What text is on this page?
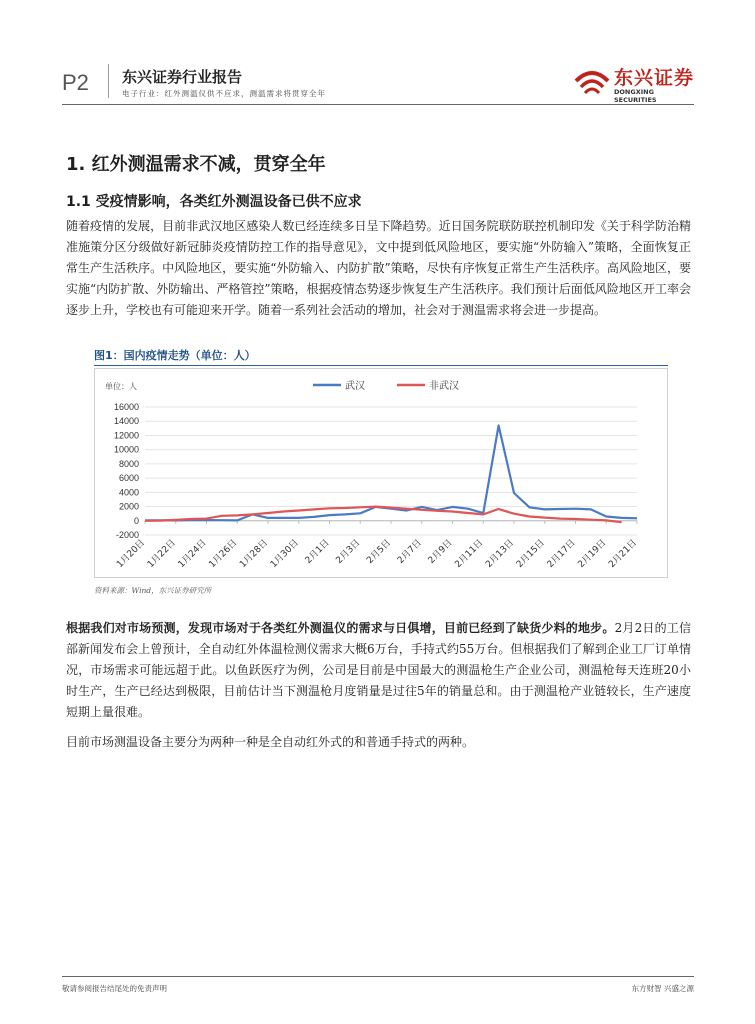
P2 东兴证券行业报告
电子行业：红外测温仪供不应求，测温需求将贯穿全年
东兴证券
DONGXING SECURITIES
1. 红外测温需求不减，贯穿全年
1.1 受疫情影响，各类红外测温设备已供不应求
随着疫情的发展，目前非武汉地区感染人数已经连续多日呈下降趋势。近日国务院联防联控机制印发《关于科学防治精准施策分区分级做好新冠肺炎疫情防控工作的指导意见》，文中提到低风险地区，要实施“外防输入”策略，全面恢复正常生产生活秩序。中风险地区，要实施“外防输入、内防扩散”策略，尽快有序恢复正常生产生活秩序。高风险地区，要实施“内防扩散、外防输出、严格管控”策略，根据疫情态势逐步恢复生产生活秩序。我们预计后面低风险地区开工率会逐步上升，学校也有可能迎来开学。随着一系列社会活动的增加，社会对于测温需求将会进一步提高。
图1：国内疫情走势（单位：人）
单位：人
-2000
0
2000
4000
6000
8000
10000
12000
14000
16000
1月20日
1月22日
1月24日
1月26日
1月28日
1月30日 2月1日 2月3日 2月5日 2月7日 2月9日
2月11日
2月13日
2月15日
2月17日
2月19日
2月21日
武汉	非武汉
资料来源：Wind，东兴证券研究所
根据我们对市场预测，发现市场对于各类红外测温仪的需求与日俱增，目前已经到了缺货少料的地步。2月2日的工信部新闻发布会上曾预计，全自动红外体温检测仪需求大概6万台，手持式约55万台。但根据我们了解到企业工厂订单情况，市场需求可能远超于此。以鱼跃医疗为例，公司是目前是中国最大的测温枪生产企业公司，测温枪每天连班20小时生产，生产已经达到极限，目前估计当下测温枪月度销量是过往5年的销量总和。由于测温枪产业链较长，生产速度短期上量很难。
目前市场测温设备主要分为两种一种是全自动红外式的和普通手持式的两种。
敬请参阅报告结尾处的免责声明	东方财智 兴盛之源
